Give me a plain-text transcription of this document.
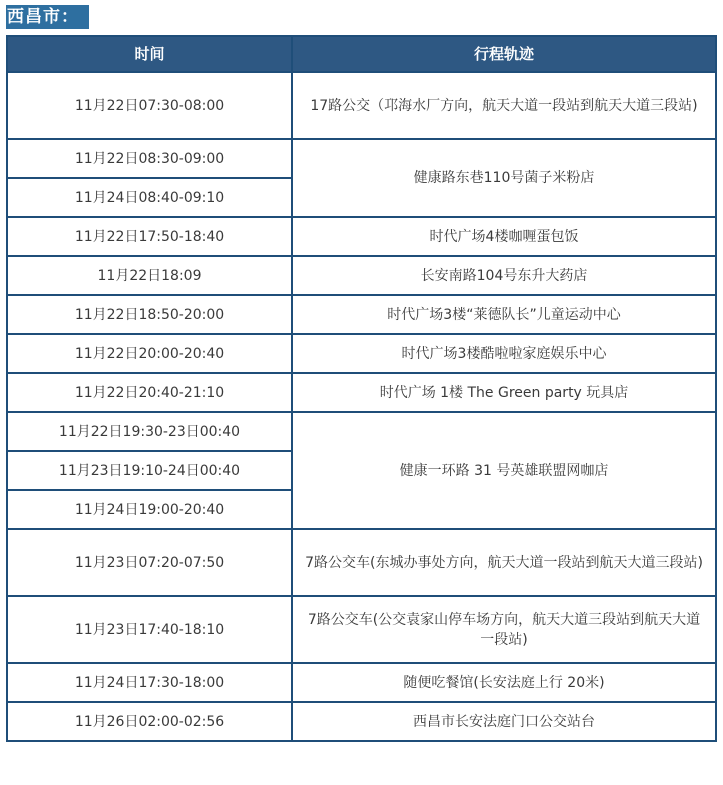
西昌市：
时间	行程轨迹
11月22日07:30-08:00	17路公交（邛海水厂方向，航天大道一段站到航天大道三段站)
11月22日08:30-09:00	健康路东巷110号菌子米粉店
11月24日08:40-09:10	
11月22日17:50-18:40	时代广场4楼咖喱蛋包饭
11月22日18:09	长安南路104号东升大药店
11月22日18:50-20:00	时代广场3楼“莱德队长”儿童运动中心
11月22日20:00-20:40	时代广场3楼酷啦啦家庭娱乐中心
11月22日20:40-21:10	时代广场 1楼 The Green party 玩具店
11月22日19:30-23日00:40	健康一环路 31 号英雄联盟网咖店
11月23日19:10-24日00:40	
11月24日19:00-20:40	
11月23日07:20-07:50	7路公交车(东城办事处方向，航天大道一段站到航天大道三段站)
11月23日17:40-18:10	7路公交车(公交袁家山停车场方向，航天大道三段站到航天大道一段站)
11月24日17:30-18:00	随便吃餐馆(长安法庭上行 20米)
11月26日02:00-02:56	西昌市长安法庭门口公交站台
